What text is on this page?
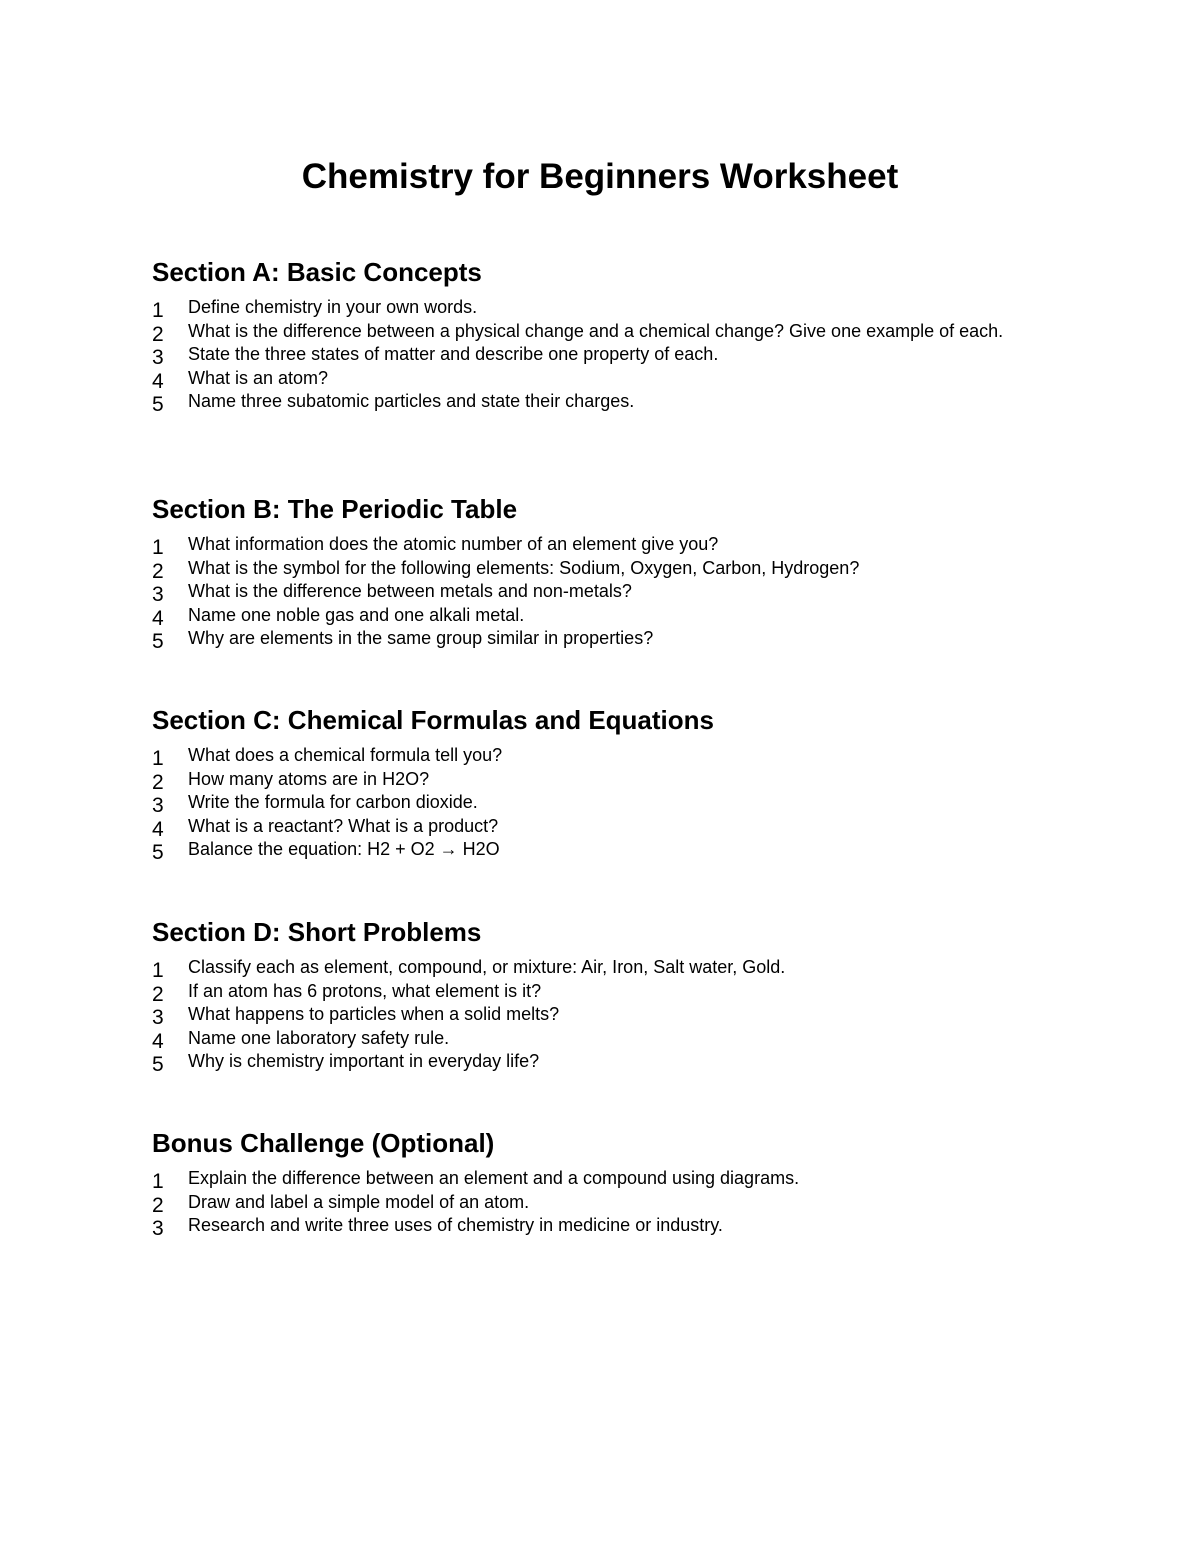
Chemistry for Beginners Worksheet
Section A: Basic Concepts
1	Define chemistry in your own words.
2	What is the difference between a physical change and a chemical change? Give one example of each.
3	State the three states of matter and describe one property of each.
4	What is an atom?
5	Name three subatomic particles and state their charges.
Section B: The Periodic Table
1	What information does the atomic number of an element give you?
2	What is the symbol for the following elements: Sodium, Oxygen, Carbon, Hydrogen?
3	What is the difference between metals and non-metals?
4	Name one noble gas and one alkali metal.
5	Why are elements in the same group similar in properties?
Section C: Chemical Formulas and Equations
1	What does a chemical formula tell you?
2	How many atoms are in H2O?
3	Write the formula for carbon dioxide.
4	What is a reactant? What is a product?
5	Balance the equation: H2 + O2 → H2O
Section D: Short Problems
1	Classify each as element, compound, or mixture: Air, Iron, Salt water, Gold.
2	If an atom has 6 protons, what element is it?
3	What happens to particles when a solid melts?
4	Name one laboratory safety rule.
5	Why is chemistry important in everyday life?
Bonus Challenge (Optional)
1	Explain the difference between an element and a compound using diagrams.
2	Draw and label a simple model of an atom.
3	Research and write three uses of chemistry in medicine or industry.
